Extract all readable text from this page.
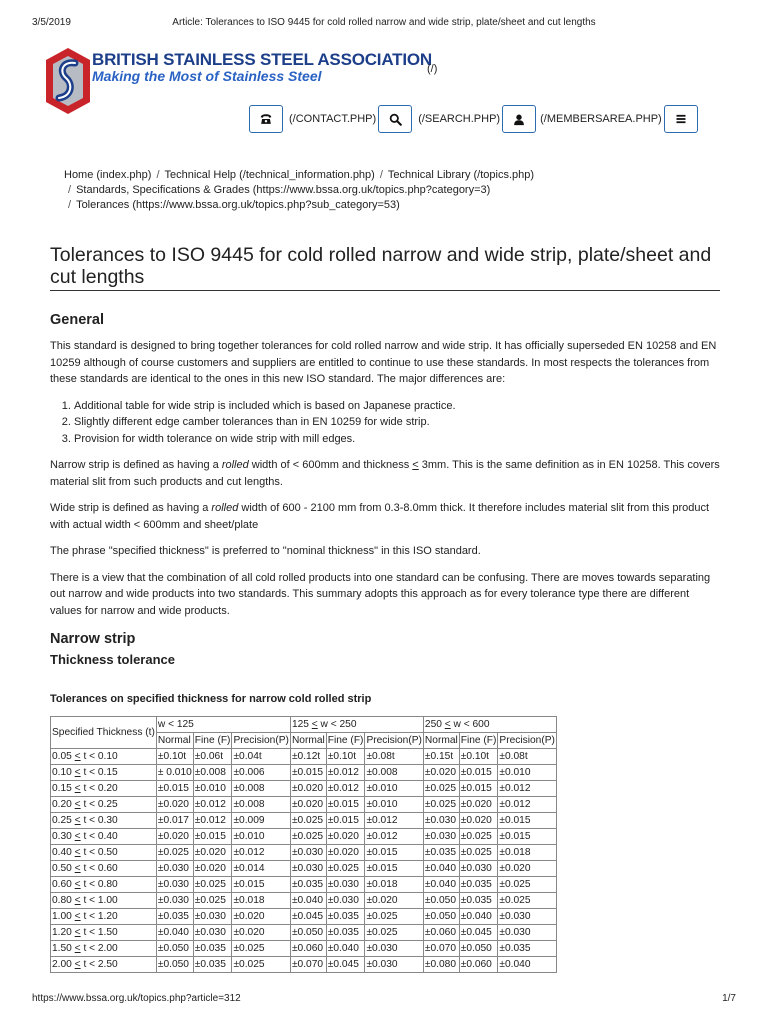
3/5/2019	Article: Tolerances to ISO 9445 for cold rolled narrow and wide strip, plate/sheet and cut lengths
BRITISH STAINLESS STEEL ASSOCIATION
Making the Most of Stainless Steel	(/)
(/CONTACT.PHP)	(/SEARCH.PHP)	(/MEMBERSAREA.PHP)
Home (index.php) / Technical Help (/technical_information.php) / Technical Library (/topics.php)
/ Standards, Specifications & Grades (https://www.bssa.org.uk/topics.php?category=3)
/ Tolerances (https://www.bssa.org.uk/topics.php?sub_category=53)
Tolerances to ISO 9445 for cold rolled narrow and wide strip, plate/sheet and cut lengths
General

This standard is designed to bring together tolerances for cold rolled narrow and wide strip. It has officially superseded EN 10258 and EN 10259 although of course customers and suppliers are entitled to continue to use these standards. In most respects the tolerances from these standards are identical to the ones in this new ISO standard. The major differences are:

1. Additional table for wide strip is included which is based on Japanese practice.
2. Slightly different edge camber tolerances than in EN 10259 for wide strip.
3. Provision for width tolerance on wide strip with mill edges.

Narrow strip is defined as having a rolled width of < 600mm and thickness ≤ 3mm. This is the same definition as in EN 10258. This covers material slit from such products and cut lengths.

Wide strip is defined as having a rolled width of 600 - 2100 mm from 0.3-8.0mm thick. It therefore includes material slit from this product with actual width < 600mm and sheet/plate

The phrase "specified thickness" is preferred to "nominal thickness" in this ISO standard.

There is a view that the combination of all cold rolled products into one standard can be confusing. There are moves towards separating out narrow and wide products into two standards. This summary adopts this approach as for every tolerance type there are different values for narrow and wide products.

Narrow strip
Thickness tolerance
Tolerances on specified thickness for narrow cold rolled strip
Specified Thickness (t)	w < 125			125 ≤ w < 250			250 ≤ w < 600		
	Normal	Fine (F)	Precision(P)	Normal	Fine (F)	Precision(P)	Normal	Fine (F)	Precision(P)
0.05 ≤ t < 0.10	±0.10t	±0.06t	±0.04t	±0.12t	±0.10t	±0.08t	±0.15t	±0.10t	±0.08t
0.10 ≤ t < 0.15	± 0.010	±0.008	±0.006	±0.015	±0.012	±0.008	±0.020	±0.015	±0.010
0.15 ≤ t < 0.20	±0.015	±0.010	±0.008	±0.020	±0.012	±0.010	±0.025	±0.015	±0.012
0.20 ≤ t < 0.25	±0.020	±0.012	±0.008	±0.020	±0.015	±0.010	±0.025	±0.020	±0.012
0.25 ≤ t < 0.30	±0.017	±0.012	±0.009	±0.025	±0.015	±0.012	±0.030	±0.020	±0.015
0.30 ≤ t < 0.40	±0.020	±0.015	±0.010	±0.025	±0.020	±0.012	±0.030	±0.025	±0.015
0.40 ≤ t < 0.50	±0.025	±0.020	±0.012	±0.030	±0.020	±0.015	±0.035	±0.025	±0.018
0.50 ≤ t < 0.60	±0.030	±0.020	±0.014	±0.030	±0.025	±0.015	±0.040	±0.030	±0.020
0.60 ≤ t < 0.80	±0.030	±0.025	±0.015	±0.035	±0.030	±0.018	±0.040	±0.035	±0.025
0.80 ≤ t < 1.00	±0.030	±0.025	±0.018	±0.040	±0.030	±0.020	±0.050	±0.035	±0.025
1.00 ≤ t < 1.20	±0.035	±0.030	±0.020	±0.045	±0.035	±0.025	±0.050	±0.040	±0.030
1.20 ≤ t < 1.50	±0.040	±0.030	±0.020	±0.050	±0.035	±0.025	±0.060	±0.045	±0.030
1.50 ≤ t < 2.00	±0.050	±0.035	±0.025	±0.060	±0.040	±0.030	±0.070	±0.050	±0.035
2.00 ≤ t < 2.50	±0.050	±0.035	±0.025	±0.070	±0.045	±0.030	±0.080	±0.060	±0.040
https://www.bssa.org.uk/topics.php?article=312	1/7
